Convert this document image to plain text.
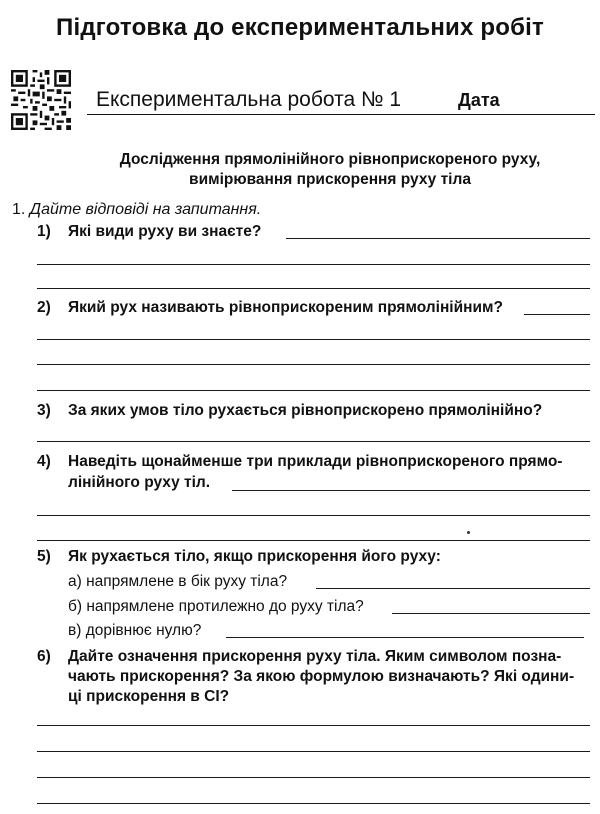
Підготовка до експериментальних робіт
Експериментальна робота № 1	Дата
Дослідження прямолінійного рівноприскореного руху,
вимірювання прискорення руху тіла
1. Дайте відповіді на запитання.
1) Які види руху ви знаєте?
2) Який рух називають рівноприскореним прямолінійним?
3) За яких умов тіло рухається рівноприскорено прямолінійно?
4) Наведіть щонайменше три приклади рівноприскореного прямо-
лінійного руху тіл.
5) Як рухається тіло, якщо прискорення його руху:
а) напрямлене в бік руху тіла?
б) напрямлене протилежно до руху тіла?
в) дорівнює нулю?
6) Дайте означення прискорення руху тіла. Яким символом позна-
чають прискорення? За якою формулою визначають? Які одини-
ці прискорення в СІ?
